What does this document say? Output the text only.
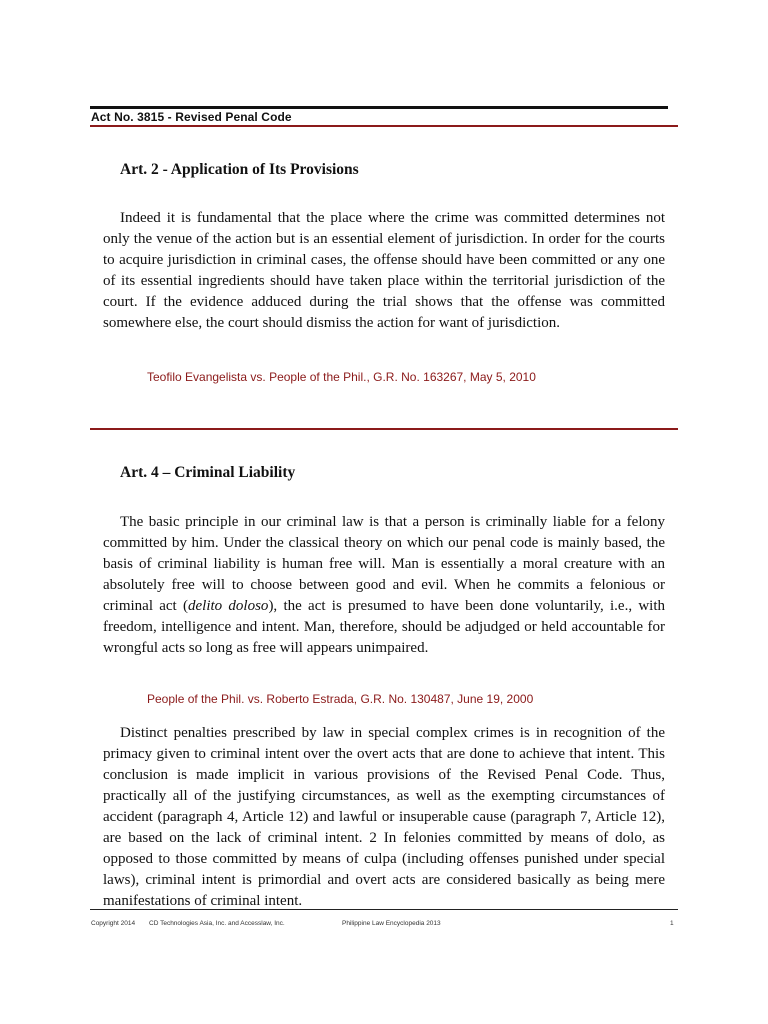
Act No. 3815 - Revised Penal Code
Art. 2 - Application of Its Provisions
Indeed it is fundamental that the place where the crime was committed determines not only the venue of the action but is an essential element of jurisdiction. In order for the courts to acquire jurisdiction in criminal cases, the offense should have been committed or any one of its essential ingredients should have taken place within the territorial jurisdiction of the court. If the evidence adduced during the trial shows that the offense was committed somewhere else, the court should dismiss the action for want of jurisdiction.
Teofilo Evangelista vs. People of the Phil., G.R. No. 163267, May 5, 2010
Art. 4 – Criminal Liability
The basic principle in our criminal law is that a person is criminally liable for a felony committed by him. Under the classical theory on which our penal code is mainly based, the basis of criminal liability is human free will. Man is essentially a moral creature with an absolutely free will to choose between good and evil. When he commits a felonious or criminal act (delito doloso), the act is presumed to have been done voluntarily, i.e., with freedom, intelligence and intent. Man, therefore, should be adjudged or held accountable for wrongful acts so long as free will appears unimpaired.
People of the Phil. vs. Roberto Estrada, G.R. No. 130487, June 19, 2000
Distinct penalties prescribed by law in special complex crimes is in recognition of the primacy given to criminal intent over the overt acts that are done to achieve that intent. This conclusion is made implicit in various provisions of the Revised Penal Code. Thus, practically all of the justifying circumstances, as well as the exempting circumstances of accident (paragraph 4, Article 12) and lawful or insuperable cause (paragraph 7, Article 12), are based on the lack of criminal intent. 2 In felonies committed by means of dolo, as opposed to those committed by means of culpa (including offenses punished under special laws), criminal intent is primordial and overt acts are considered basically as being mere manifestations of criminal intent.
Copyright 2014 CD Technologies Asia, Inc. and Accesslaw, Inc.	Philippine Law Encyclopedia 2013	1
